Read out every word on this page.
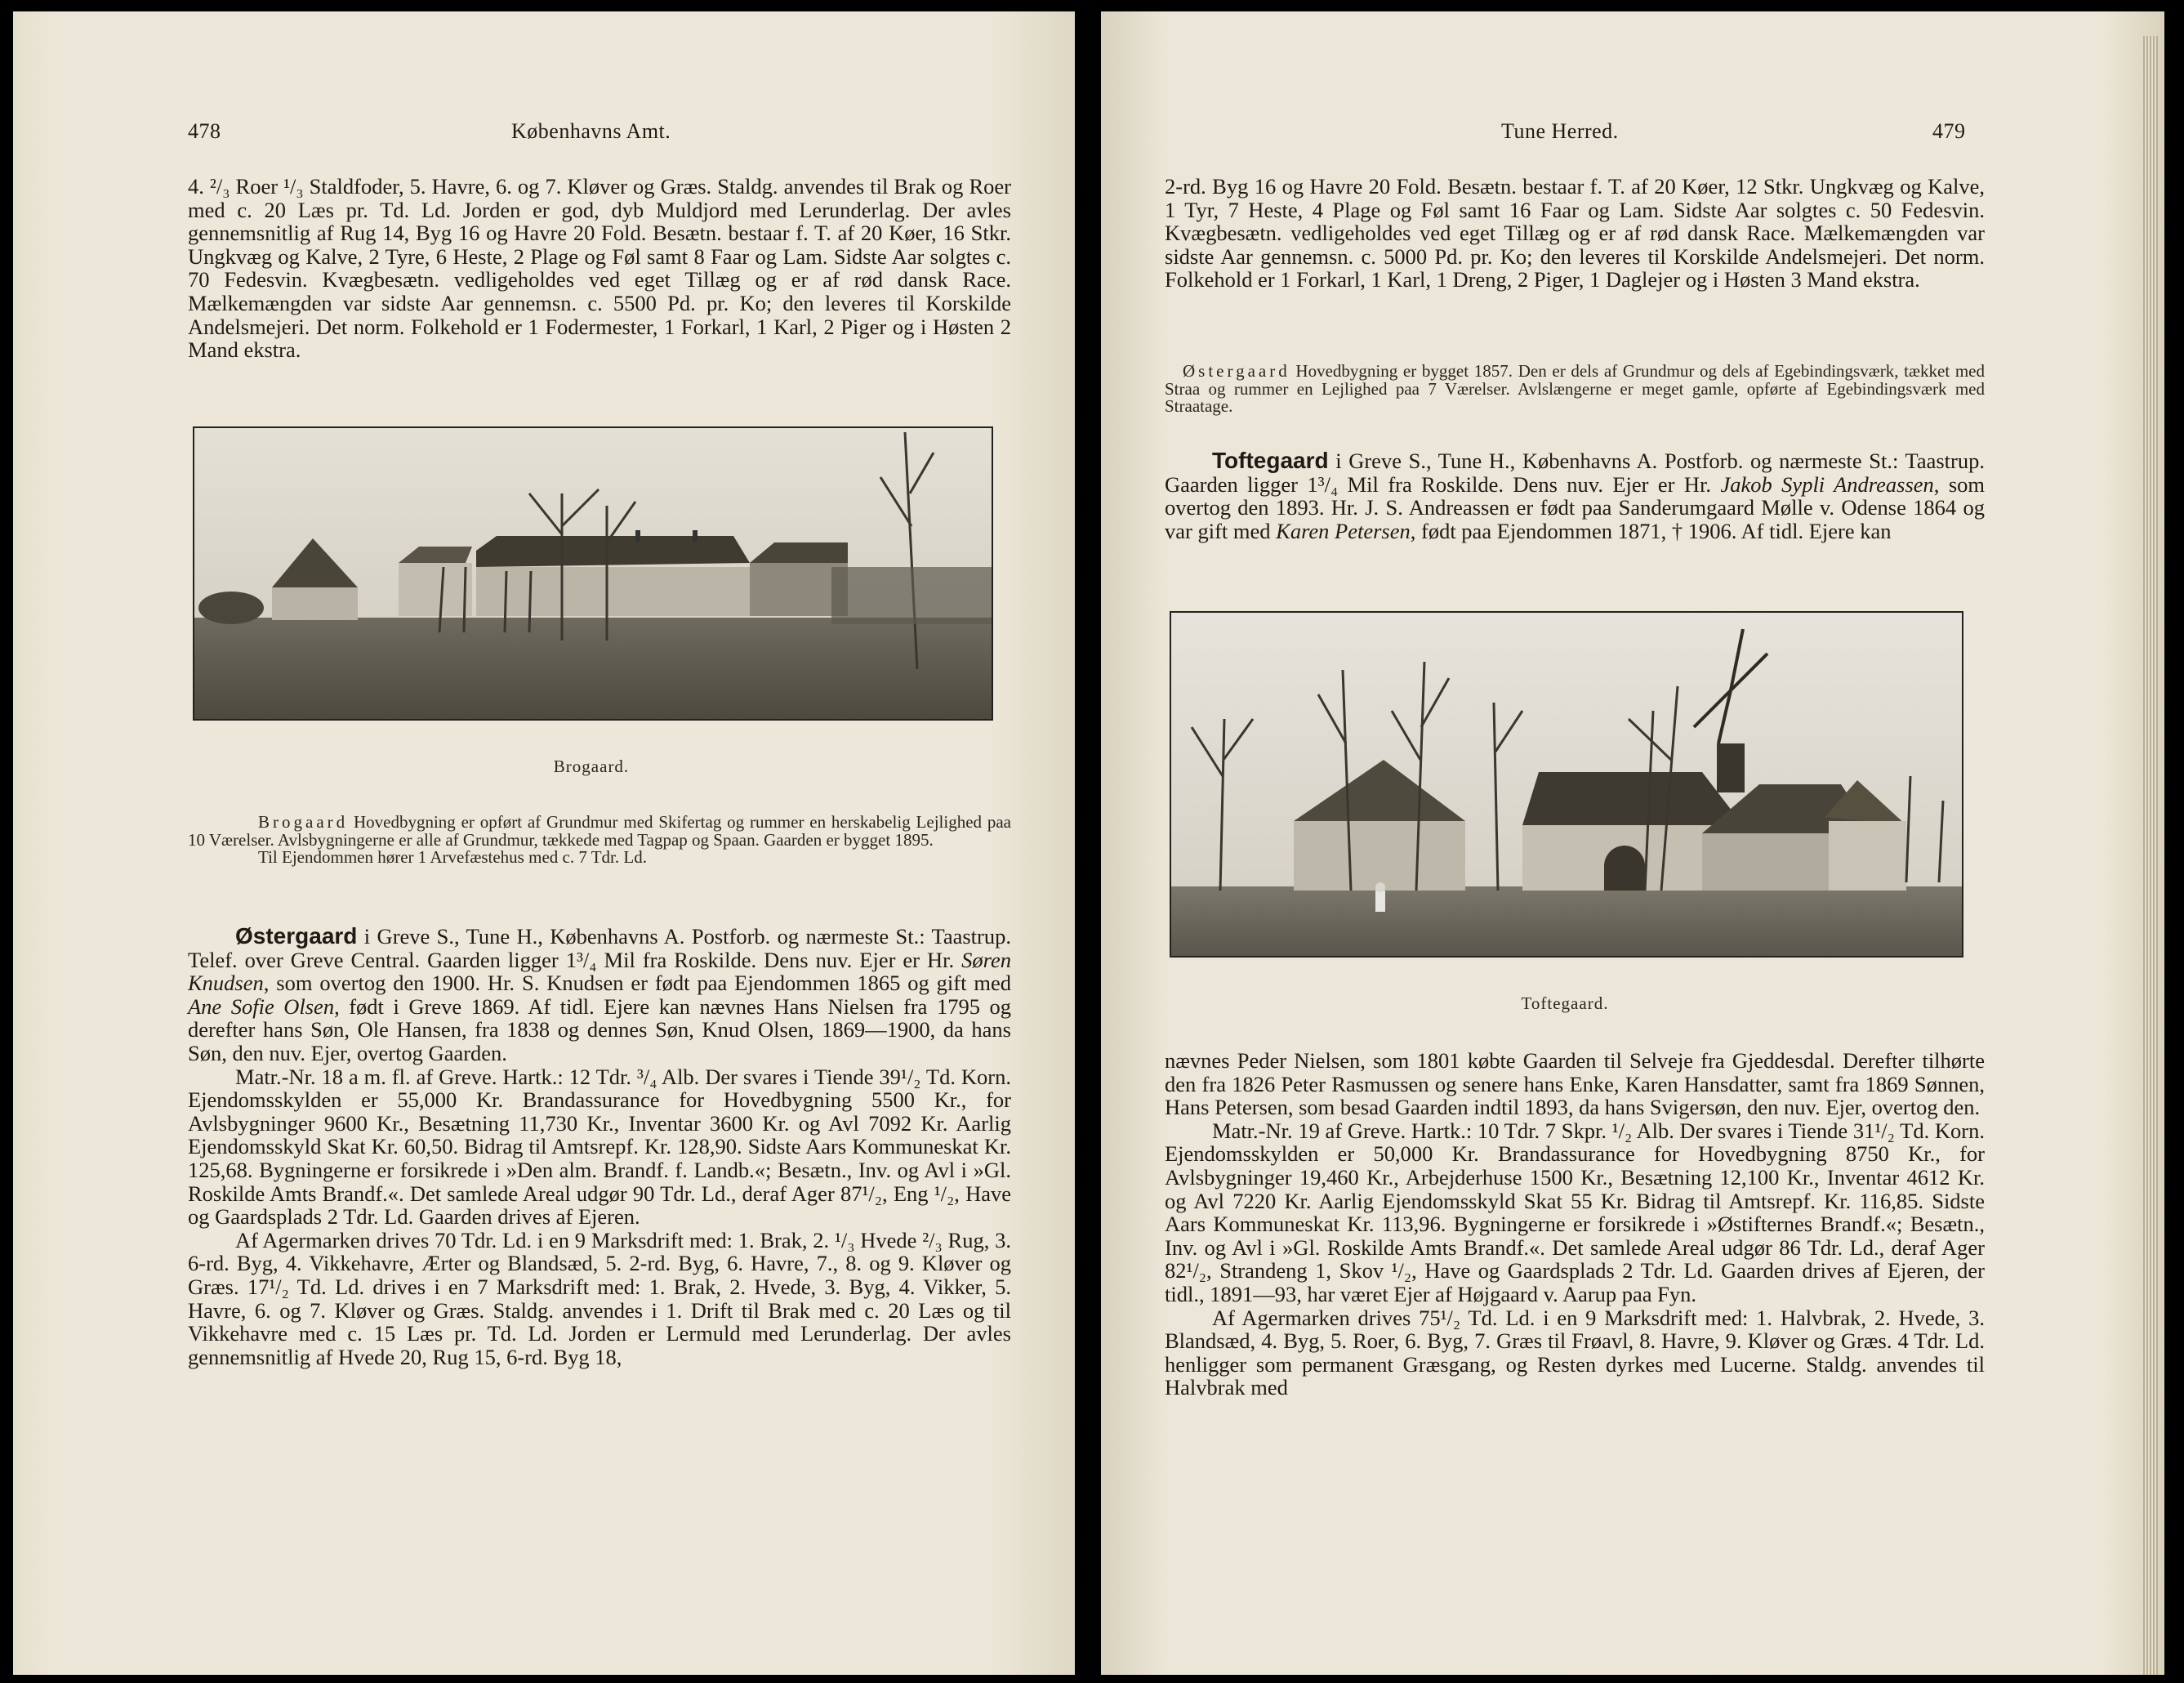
478	Københavns Amt.

4. ²/₃ Roer ¹/₃ Staldfoder, 5. Havre, 6. og 7. Kløver og Græs. Staldg. anvendes til Brak og Roer med c. 20 Læs pr. Td. Ld. Jorden er god, dyb Muldjord med Lerunderlag. Der avles gennemsnitlig af Rug 14, Byg 16 og Havre 20 Fold. Besætn. bestaar f. T. af 20 Køer, 16 Stkr. Ungkvæg og Kalve, 2 Tyre, 6 Heste, 2 Plage og Føl samt 8 Faar og Lam. Sidste Aar solgtes c. 70 Fedesvin. Kvægbesætn. vedligeholdes ved eget Tillæg og er af rød dansk Race. Mælkemængden var sidste Aar gennemsn. c. 5500 Pd. pr. Ko; den leveres til Korskilde Andelsmejeri. Det norm. Folkehold er 1 Fodermester, 1 Forkarl, 1 Karl, 2 Piger og i Høsten 2 Mand ekstra.

Brogaard.

Brogaard Hovedbygning er opført af Grundmur med Skifertag og rummer en herskabelig Lejlighed paa 10 Værelser. Avlsbygningerne er alle af Grundmur, tækkede med Tagpap og Spaan. Gaarden er bygget 1895.

Til Ejendommen hører 1 Arvefæstehus med c. 7 Tdr. Ld.

Østergaard i Greve S., Tune H., Københavns A. Postforb. og nærmeste St.: Taastrup. Telef. over Greve Central. Gaarden ligger 1³/₄ Mil fra Roskilde. Dens nuv. Ejer er Hr. Søren Knudsen, som overtog den 1900. Hr. S. Knudsen er født paa Ejendommen 1865 og gift med Ane Sofie Olsen, født i Greve 1869. Af tidl. Ejere kan nævnes Hans Nielsen fra 1795 og derefter hans Søn, Ole Hansen, fra 1838 og dennes Søn, Knud Olsen, 1869—1900, da hans Søn, den nuv. Ejer, overtog Gaarden.

Matr.-Nr. 18 a m. fl. af Greve. Hartk.: 12 Tdr. ³/₄ Alb. Der svares i Tiende 39¹/₂ Td. Korn. Ejendomsskylden er 55,000 Kr. Brandassurance for Hovedbygning 5500 Kr., for Avlsbygninger 9600 Kr., Besætning 11,730 Kr., Inventar 3600 Kr. og Avl 7092 Kr. Aarlig Ejendomsskyld Skat Kr. 60,50. Bidrag til Amtsrepf. Kr. 128,90. Sidste Aars Kommuneskat Kr. 125,68. Bygningerne er forsikrede i »Den alm. Brandf. f. Landb.«; Besætn., Inv. og Avl i »Gl. Roskilde Amts Brandf.«. Det samlede Areal udgør 90 Tdr. Ld., deraf Ager 87¹/₂, Eng ¹/₂, Have og Gaardsplads 2 Tdr. Ld. Gaarden drives af Ejeren.

Af Agermarken drives 70 Tdr. Ld. i en 9 Marksdrift med: 1. Brak, 2. ¹/₃ Hvede ²/₃ Rug, 3. 6-rd. Byg, 4. Vikkehavre, Ærter og Blandsæd, 5. 2-rd. Byg, 6. Havre, 7., 8. og 9. Kløver og Græs. 17¹/₂ Td. Ld. drives i en 7 Marksdrift med: 1. Brak, 2. Hvede, 3. Byg, 4. Vikker, 5. Havre, 6. og 7. Kløver og Græs. Staldg. anvendes i 1. Drift til Brak med c. 20 Læs og til Vikkehavre med c. 15 Læs pr. Td. Ld. Jorden er Lermuld med Lerunderlag. Der avles gennemsnitlig af Hvede 20, Rug 15, 6-rd. Byg 18,

Tune Herred.	479

2-rd. Byg 16 og Havre 20 Fold. Besætn. bestaar f. T. af 20 Køer, 12 Stkr. Ungkvæg og Kalve, 1 Tyr, 7 Heste, 4 Plage og Føl samt 16 Faar og Lam. Sidste Aar solgtes c. 50 Fedesvin. Kvægbesætn. vedligeholdes ved eget Tillæg og er af rød dansk Race. Mælkemængden var sidste Aar gennemsn. c. 5000 Pd. pr. Ko; den leveres til Korskilde Andelsmejeri. Det norm. Folkehold er 1 Forkarl, 1 Karl, 1 Dreng, 2 Piger, 1 Daglejer og i Høsten 3 Mand ekstra.

Østergaard Hovedbygning er bygget 1857. Den er dels af Grundmur og dels af Egebindingsværk, tækket med Straa og rummer en Lejlighed paa 7 Værelser. Avlslængerne er meget gamle, opførte af Egebindingsværk med Straatage.

Toftegaard i Greve S., Tune H., Københavns A. Postforb. og nærmeste St.: Taastrup. Gaarden ligger 1³/₄ Mil fra Roskilde. Dens nuv. Ejer er Hr. Jakob Sypli Andreassen, som overtog den 1893. Hr. J. S. Andreassen er født paa Sanderumgaard Mølle v. Odense 1864 og var gift med Karen Petersen, født paa Ejendommen 1871, † 1906. Af tidl. Ejere kan

Toftegaard.

nævnes Peder Nielsen, som 1801 købte Gaarden til Selveje fra Gjeddesdal. Derefter tilhørte den fra 1826 Peter Rasmussen og senere hans Enke, Karen Hansdatter, samt fra 1869 Sønnen, Hans Petersen, som besad Gaarden indtil 1893, da hans Svigersøn, den nuv. Ejer, overtog den.

Matr.-Nr. 19 af Greve. Hartk.: 10 Tdr. 7 Skpr. ¹/₂ Alb. Der svares i Tiende 31¹/₂ Td. Korn. Ejendomsskylden er 50,000 Kr. Brandassurance for Hovedbygning 8750 Kr., for Avlsbygninger 19,460 Kr., Arbejderhuse 1500 Kr., Besætning 12,100 Kr., Inventar 4612 Kr. og Avl 7220 Kr. Aarlig Ejendomsskyld Skat 55 Kr. Bidrag til Amtsrepf. Kr. 116,85. Sidste Aars Kommuneskat Kr. 113,96. Bygningerne er forsikrede i »Østifternes Brandf.«; Besætn., Inv. og Avl i »Gl. Roskilde Amts Brandf.«. Det samlede Areal udgør 86 Tdr. Ld., deraf Ager 82¹/₂, Strandeng 1, Skov ¹/₂, Have og Gaardsplads 2 Tdr. Ld. Gaarden drives af Ejeren, der tidl., 1891—93, har været Ejer af Højgaard v. Aarup paa Fyn.

Af Agermarken drives 75¹/₂ Td. Ld. i en 9 Marksdrift med: 1. Halvbrak, 2. Hvede, 3. Blandsæd, 4. Byg, 5. Roer, 6. Byg, 7. Græs til Frøavl, 8. Havre, 9. Kløver og Græs. 4 Tdr. Ld. henligger som permanent Græsgang, og Resten dyrkes med Lucerne. Staldg. anvendes til Halvbrak med
